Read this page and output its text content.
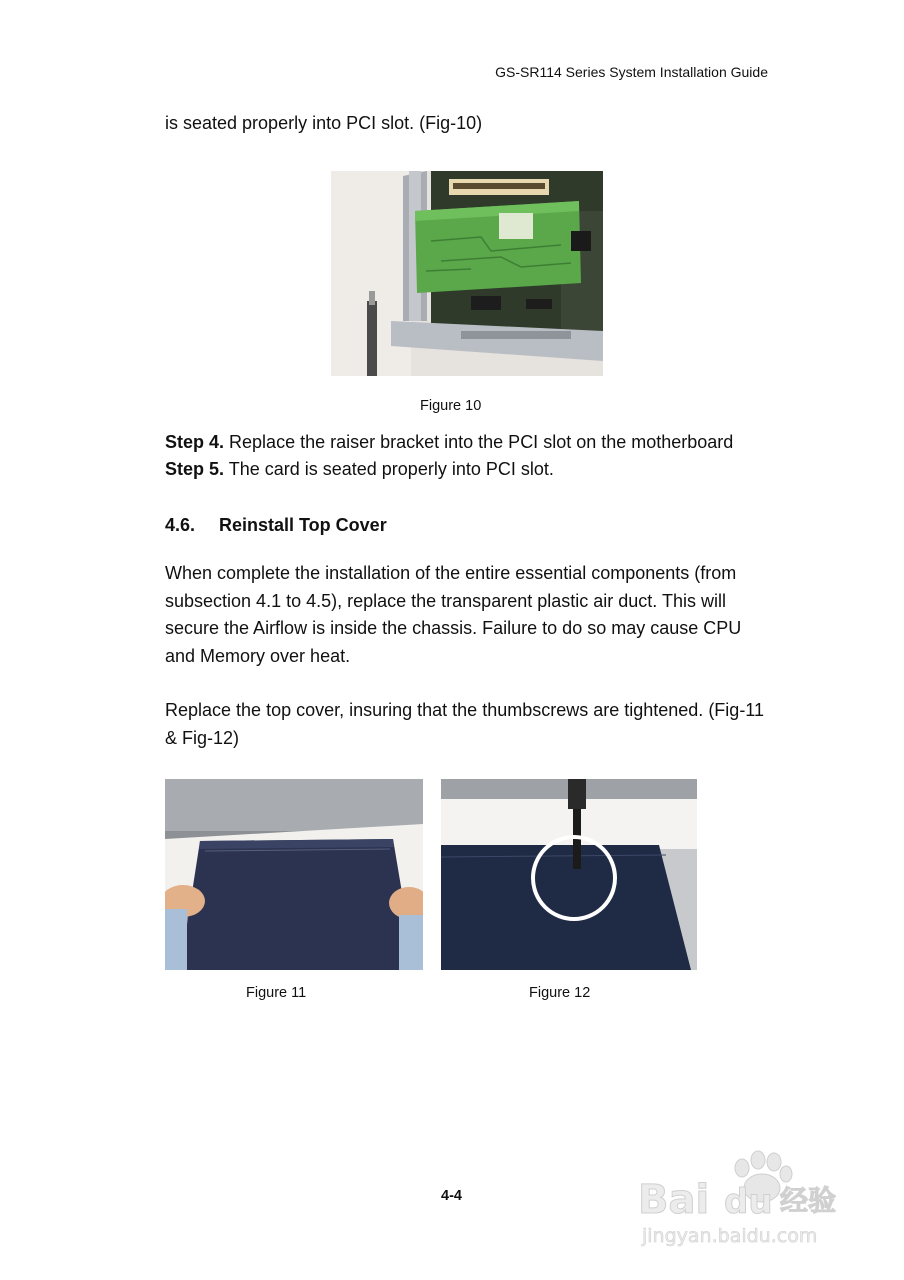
GS-SR114 Series System Installation Guide
is seated properly into PCI slot. (Fig-10)
Figure 10
Step 4. Replace the raiser bracket into the PCI slot on the motherboard
Step 5. The card is seated properly into PCI slot.
4.6. Reinstall Top Cover
When complete the installation of the entire essential components (from
subsection 4.1 to 4.5), replace the transparent plastic air duct. This will
secure the Airflow is inside the chassis. Failure to do so may cause CPU
and Memory over heat.
Replace the top cover, insuring that the thumbscrews are tightened. (Fig-11
& Fig-12)
Figure 11	Figure 12
4-4	Bai du 经验
jingyan.baidu.com
